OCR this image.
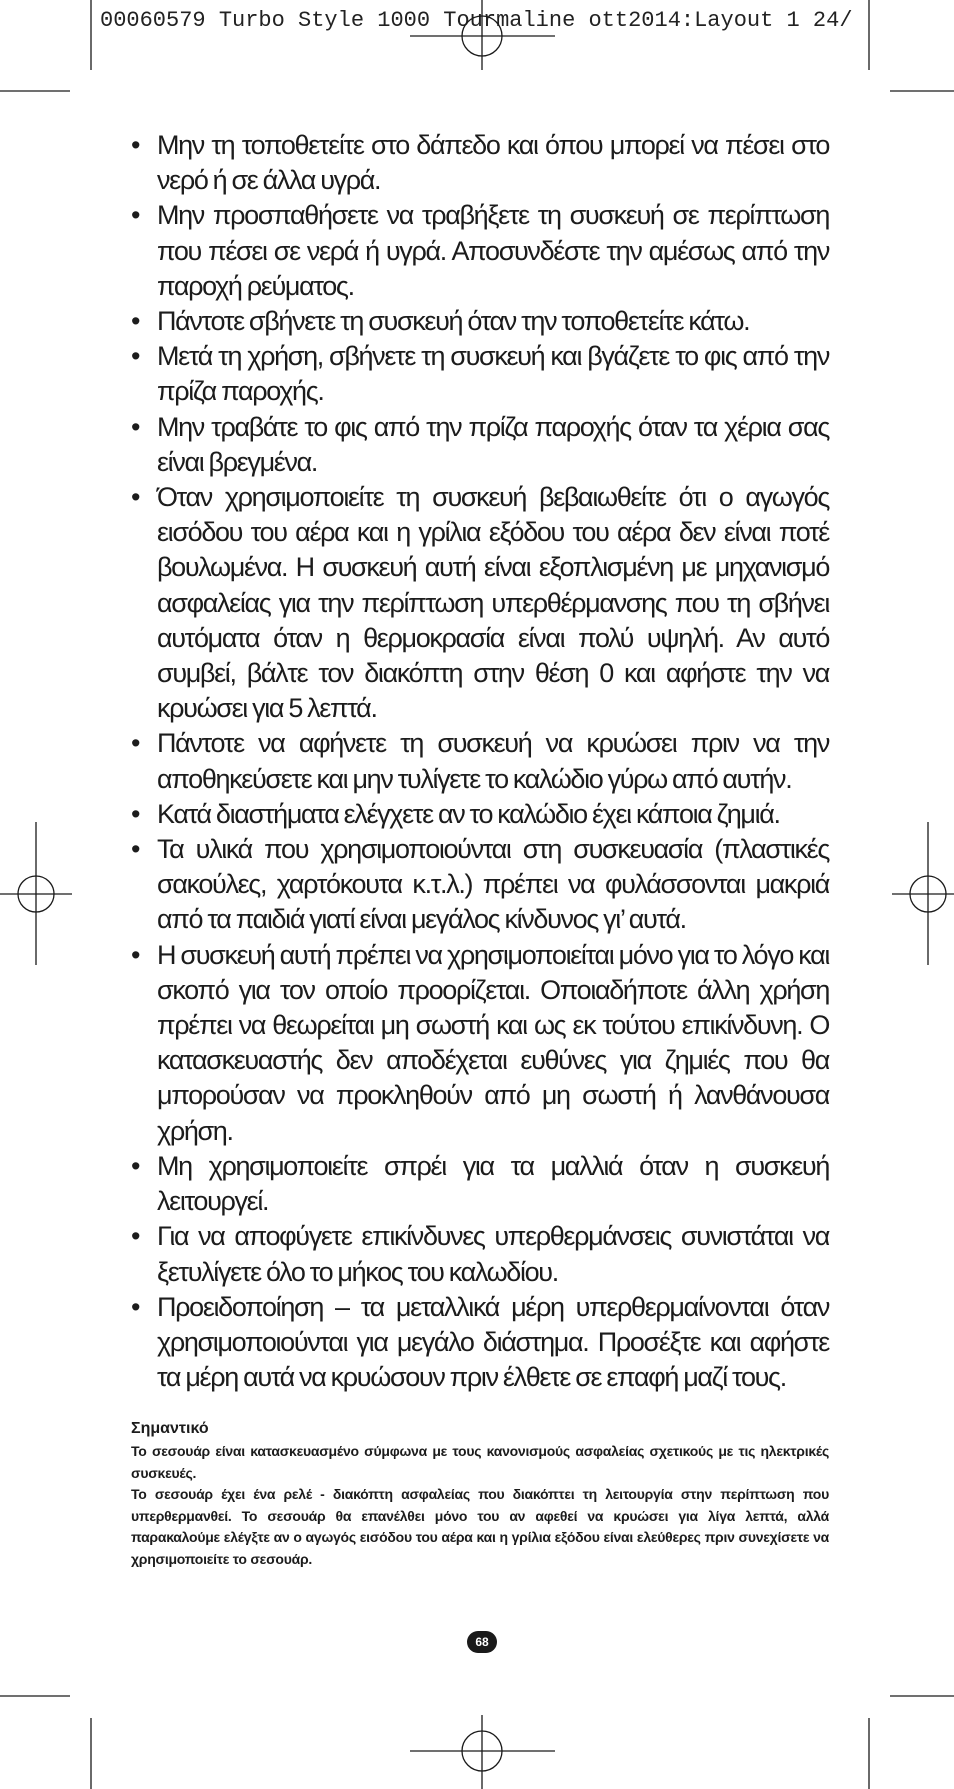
00060579 Turbo Style 1000 Tourmaline ott2014:Layout 1 24/
• Μην τη τοποθετείτε στο δάπεδο και όπου μπορεί να πέσει στο νερό ή σε άλλα υγρά.
• Μην προσπαθήσετε να τραβήξετε τη συσκευή σε περίπτωση που πέσει σε νερά ή υγρά. Αποσυνδέστε την αμέσως από την παροχή ρεύματος.
• Πάντοτε σβήνετε τη συσκευή όταν την τοποθετείτε κάτω.
• Μετά τη χρήση, σβήνετε τη συσκευή και βγάζετε το φις από την πρίζα παροχής.
• Μην τραβάτε το φις από την πρίζα παροχής όταν τα χέρια σας είναι βρεγμένα.
• Όταν χρησιμοποιείτε τη συσκευή βεβαιωθείτε ότι ο αγωγός εισόδου του αέρα και η γρίλια εξόδου του αέρα δεν είναι ποτέ βουλωμένα. Η συσκευή αυτή είναι εξοπλισμένη με μηχανισμό ασφαλείας για την περίπτωση υπερθέρμανσης που τη σβήνει αυτόματα όταν η θερμοκρασία είναι πολύ υψηλή. Αν αυτό συμβεί, βάλτε τον διακόπτη στην θέση 0 και αφήστε την να κρυώσει για 5 λεπτά.
• Πάντοτε να αφήνετε τη συσκευή να κρυώσει πριν να την αποθηκεύσετε και μην τυλίγετε το καλώδιο γύρω από αυτήν.
• Κατά διαστήματα ελέγχετε αν το καλώδιο έχει κάποια ζημιά.
• Τα υλικά που χρησιμοποιούνται στη συσκευασία (πλαστικές σακούλες, χαρτόκουτα κ.τ.λ.) πρέπει να φυλάσσονται μακριά από τα παιδιά γιατί είναι μεγάλος κίνδυνος γι’ αυτά.
• Η συσκευή αυτή πρέπει να χρησιμοποιείται μόνο για το λόγο και σκοπό για τον οποίο προορίζεται. Οποιαδήποτε άλλη χρήση πρέπει να θεωρείται μη σωστή και ως εκ τούτου επικίνδυνη. Ο κατασκευαστής δεν αποδέχεται ευθύνες για ζημιές που θα μπορούσαν να προκληθούν από μη σωστή ή λανθάνουσα χρήση.
• Μη χρησιμοποιείτε σπρέι για τα μαλλιά όταν η συσκευή λειτουργεί.
• Για να αποφύγετε επικίνδυνες υπερθερμάνσεις συνιστάται να ξετυλίγετε όλο το μήκος του καλωδίου.
• Προειδοποίηση – τα μεταλλικά μέρη υπερθερμαίνονται όταν χρησιμοποιούνται για μεγάλο διάστημα. Προσέξτε και αφήστε τα μέρη αυτά να κρυώσουν πριν έλθετε σε επαφή μαζί τους.
Σημαντικό

Το σεσουάρ είναι κατασκευασμένο σύμφωνα με τους κανονισμούς ασφαλείας σχετικούς με τις ηλεκτρικές συσκευές.

Το σεσουάρ έχει ένα ρελέ - διακόπτη ασφαλείας που διακόπτει τη λειτουργία στην περίπτωση που υπερθερμανθεί. Το σεσουάρ θα επανέλθει μόνο του αν αφεθεί να κρυώσει για λίγα λεπτά, αλλά παρακαλούμε ελέγξτε αν ο αγωγός εισόδου του αέρα και η γρίλια εξόδου είναι ελεύθερες πριν συνεχίσετε να χρησιμοποιείτε το σεσουάρ.

68
